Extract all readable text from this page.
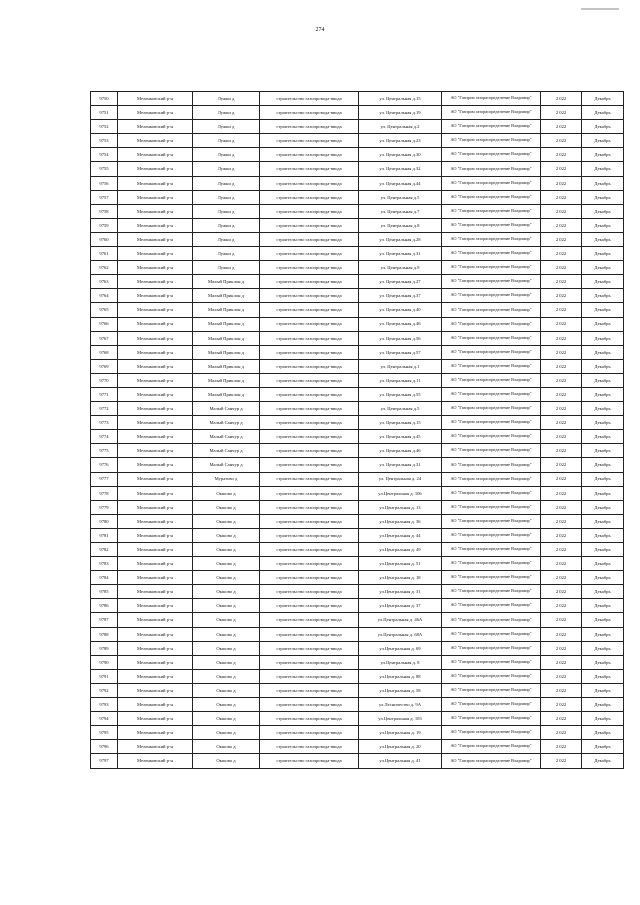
274
9750	Меленковский р-н	Лужки д	строительство газопровода-ввода	ул. Центральная д.15	АО "Газпром газораспределение Владимир"	2 022	Декабрь
9751	Меленковский р-н	Лужки д	строительство газопровода-ввода	ул. Центральная д.19	АО "Газпром газораспределение Владимир"	2 022	Декабрь
9752	Меленковский р-н	Лужки д	строительство газопровода-ввода	ул. Центральная д.2	АО "Газпром газораспределение Владимир"	2 022	Декабрь
9753	Меленковский р-н	Лужки д	строительство газопровода-ввода	ул. Центральная д.23	АО "Газпром газораспределение Владимир"	2 022	Декабрь
9754	Меленковский р-н	Лужки д	строительство газопровода-ввода	ул. Центральная д.30	АО "Газпром газораспределение Владимир"	2 022	Декабрь
9755	Меленковский р-н	Лужки д	строительство газопровода-ввода	ул. Центральная д.32	АО "Газпром газораспределение Владимир"	2 022	Декабрь
9756	Меленковский р-н	Лужки д	строительство газопровода-ввода	ул. Центральная д.44	АО "Газпром газораспределение Владимир"	2 022	Декабрь
9757	Меленковский р-н	Лужки д	строительство газопровода-ввода	ул. Центральная д.5	АО "Газпром газораспределение Владимир"	2 022	Декабрь
9758	Меленковский р-н	Лужки д	строительство газопровода-ввода	ул. Центральная д.7	АО "Газпром газораспределение Владимир"	2 022	Декабрь
9759	Меленковский р-н	Лужки д	строительство газопровода-ввода	ул. Центральная д.8	АО "Газпром газораспределение Владимир"	2 022	Декабрь
9760	Меленковский р-н	Лужки д	строительство газопровода-ввода	ул. Центральная д.28	АО "Газпром газораспределение Владимир"	2 022	Декабрь
9761	Меленковский р-н	Лужки д	строительство газопровода-ввода	ул. Центральная д.31	АО "Газпром газораспределение Владимир"	2 022	Декабрь
9762	Меленковский р-н	Лужки д	строительство газопровода-ввода	ул. Центральная д.9	АО "Газпром газораспределение Владимир"	2 022	Декабрь
9763	Меленковский р-н	Малый Приклон д	строительство газопровода-ввода	ул. Центральная д.27	АО "Газпром газораспределение Владимир"	2 022	Декабрь
9764	Меленковский р-н	Малый Приклон д	строительство газопровода-ввода	ул. Центральная д.37	АО "Газпром газораспределение Владимир"	2 022	Декабрь
9765	Меленковский р-н	Малый Приклон д	строительство газопровода-ввода	ул. Центральная д.40	АО "Газпром газораспределение Владимир"	2 022	Декабрь
9766	Меленковский р-н	Малый Приклон д	строительство газопровода-ввода	ул. Центральная д.46	АО "Газпром газораспределение Владимир"	2 022	Декабрь
9767	Меленковский р-н	Малый Приклон д	строительство газопровода-ввода	ул. Центральная д.56	АО "Газпром газораспределение Владимир"	2 022	Декабрь
9768	Меленковский р-н	Малый Приклон д	строительство газопровода-ввода	ул. Центральная д.57	АО "Газпром газораспределение Владимир"	2 022	Декабрь
9769	Меленковский р-н	Малый Приклон д	строительство газопровода-ввода	ул. Центральная д.1	АО "Газпром газораспределение Владимир"	2 022	Декабрь
9770	Меленковский р-н	Малый Приклон д	строительство газопровода-ввода	ул. Центральная д.11	АО "Газпром газораспределение Владимир"	2 022	Декабрь
9771	Меленковский р-н	Малый Приклон д	строительство газопровода-ввода	ул. Центральная д.55	АО "Газпром газораспределение Владимир"	2 022	Декабрь
9772	Меленковский р-н	Малый Санчур д	строительство газопровода-ввода	ул. Центральная д.5	АО "Газпром газораспределение Владимир"	2 022	Декабрь
9773	Меленковский р-н	Малый Санчур д	строительство газопровода-ввода	ул. Центральная д.15	АО "Газпром газораспределение Владимир"	2 022	Декабрь
9774	Меленковский р-н	Малый Санчур д	строительство газопровода-ввода	ул. Центральная д.45	АО "Газпром газораспределение Владимир"	2 022	Декабрь
9775	Меленковский р-н	Малый Санчур д	строительство газопровода-ввода	ул. Центральная д.46	АО "Газпром газораспределение Владимир"	2 022	Декабрь
9776	Меленковский р-н	Малый Санчур д	строительство газопровода-ввода	ул. Центральная д.31	АО "Газпром газораспределение Владимир"	2 022	Декабрь
9777	Меленковский р-н	Муратово д	строительство газопровода-ввода	ул. Центральная д. 24	АО "Газпром газораспределение Владимир"	2 022	Декабрь
9778	Меленковский р-н	Окшово д	строительство газопровода-ввода	ул.Центральная д. 106	АО "Газпром газораспределение Владимир"	2 022	Декабрь
9779	Меленковский р-н	Окшово д	строительство газопровода-ввода	ул.Центральная д. 13	АО "Газпром газораспределение Владимир"	2 022	Декабрь
9780	Меленковский р-н	Окшово д	строительство газопровода-ввода	ул.Центральная д. 36	АО "Газпром газораспределение Владимир"	2 022	Декабрь
9781	Меленковский р-н	Окшово д	строительство газопровода-ввода	ул.Центральная д. 44	АО "Газпром газораспределение Владимир"	2 022	Декабрь
9782	Меленковский р-н	Окшово д	строительство газопровода-ввода	ул.Центральная д. 49	АО "Газпром газораспределение Владимир"	2 022	Декабрь
9783	Меленковский р-н	Окшово д	строительство газопровода-ввода	ул.Центральная д. 51	АО "Газпром газораспределение Владимир"	2 022	Декабрь
9784	Меленковский р-н	Окшово д	строительство газопровода-ввода	ул.Центральная д. 18	АО "Газпром газораспределение Владимир"	2 022	Декабрь
9785	Меленковский р-н	Окшово д	строительство газопровода-ввода	ул.Центральная д. 31	АО "Газпром газораспределение Владимир"	2 022	Декабрь
9786	Меленковский р-н	Окшово д	строительство газопровода-ввода	ул.Центральная д. 37	АО "Газпром газораспределение Владимир"	2 022	Декабрь
9787	Меленковский р-н	Окшово д	строительство газопровода-ввода	ул.Центральная д. 46А	АО "Газпром газораспределение Владимир"	2 022	Декабрь
9788	Меленковский р-н	Окшово д	строительство газопровода-ввода	ул.Центральная д. 68А	АО "Газпром газораспределение Владимир"	2 022	Декабрь
9789	Меленковский р-н	Окшово д	строительство газопровода-ввода	ул.Центральная д. 69	АО "Газпром газораспределение Владимир"	2 022	Декабрь
9790	Меленковский р-н	Окшово д	строительство газопровода-ввода	ул.Центральная д. 8	АО "Газпром газораспределение Владимир"	2 022	Декабрь
9791	Меленковский р-н	Окшово д	строительство газопровода-ввода	ул.Центральная д. 88	АО "Газпром газораспределение Владимир"	2 022	Декабрь
9792	Меленковский р-н	Окшово д	строительство газопровода-ввода	ул.Центральная д. 58	АО "Газпром газораспределение Владимир"	2 022	Декабрь
9793	Меленковский р-н	Окшово д	строительство газопровода-ввода	ул.Лесничество д. 9А	АО "Газпром газораспределение Владимир"	2 022	Декабрь
9794	Меленковский р-н	Окшово д	строительство газопровода-ввода	ул.Центральная д. 103	АО "Газпром газораспределение Владимир"	2 022	Декабрь
9795	Меленковский р-н	Окшово д	строительство газопровода-ввода	ул.Центральная д. 19	АО "Газпром газораспределение Владимир"	2 022	Декабрь
9796	Меленковский р-н	Окшово д	строительство газопровода-ввода	ул.Центральная д. 20	АО "Газпром газораспределение Владимир"	2 022	Декабрь
9797	Меленковский р-н	Окшово д	строительство газопровода-ввода	ул.Центральная д. 41	АО "Газпром газораспределение Владимир"	2 022	Декабрь
